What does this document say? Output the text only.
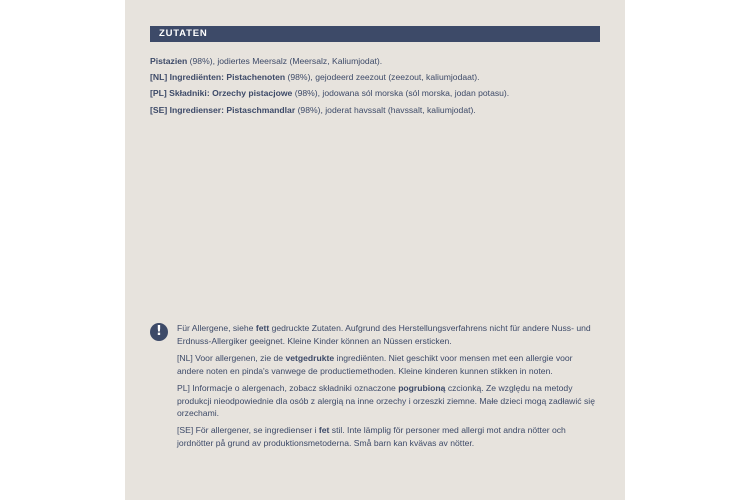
ZUTATEN

Pistazien (98%), jodiertes Meersalz (Meersalz, Kaliumjodat).

[NL] Ingrediënten: Pistachenoten (98%), gejodeerd zeezout (zeezout, kaliumjodaat).

[PL] Składniki: Orzechy pistacjowe (98%), jodowana sól morska (sól morska, jodan potasu).

[SE] Ingredienser: Pistaschmandlar (98%), joderat havssalt (havssalt, kaliumjodat).

!	Für Allergene, siehe fett gedruckte Zutaten. Aufgrund des Herstellungsverfahrens nicht für andere Nuss- und Erdnuss-Allergiker geeignet. Kleine Kinder können an Nüssen ersticken.

[NL] Voor allergenen, zie de vetgedrukte ingrediënten. Niet geschikt voor mensen met een allergie voor andere noten en pinda's vanwege de productiemethoden. Kleine kinderen kunnen stikken in noten.

PL] Informacje o alergenach, zobacz składniki oznaczone pogrubioną czcionką. Ze względu na metody produkcji nieodpowiednie dla osób z alergią na inne orzechy i orzeszki ziemne. Małe dzieci mogą zadławić się orzechami.

[SE] För allergener, se ingredienser i fet stil. Inte lämplig för personer med allergi mot andra nötter och jordnötter på grund av produktionsmetoderna. Små barn kan kvävas av nötter.
